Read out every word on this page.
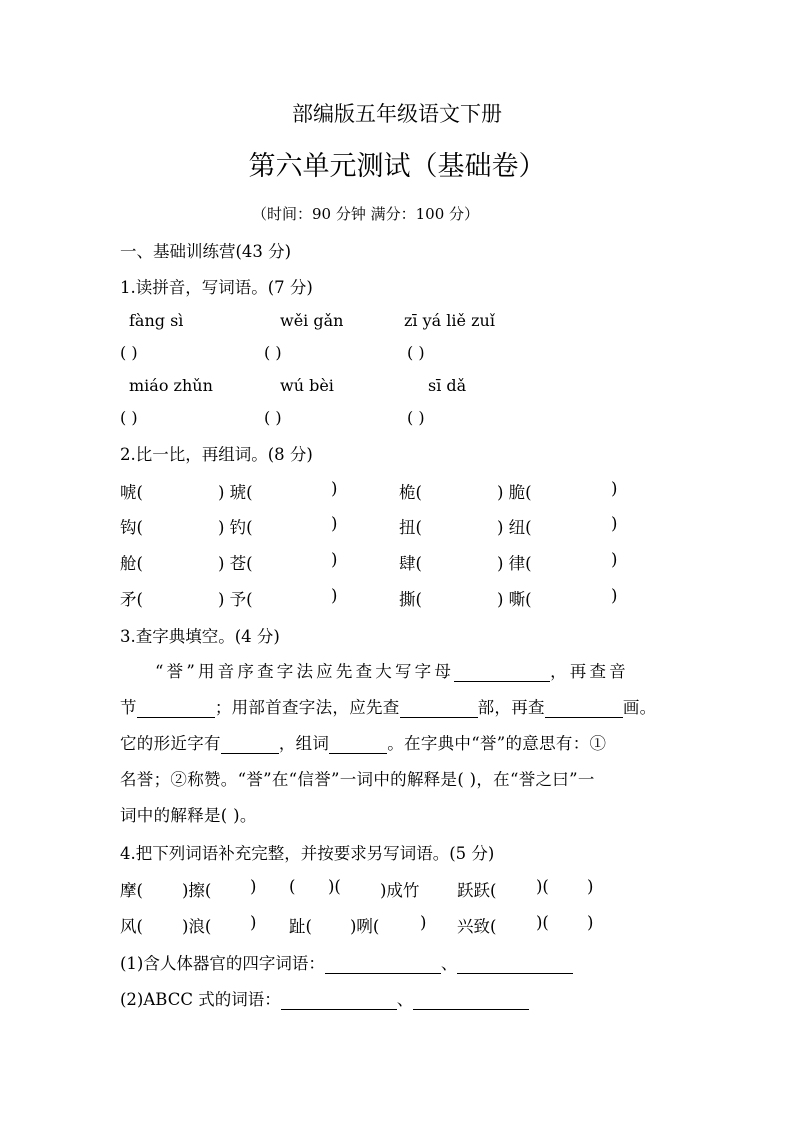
部编版五年级语文下册
第六单元测试（基础卷）
（时间：90 分钟 满分：100 分）
一、基础训练营(43 分)
1.读拼音，写词语。(7 分)
fàng sì	wěi gǎn	zī yá liě zuǐ
( )	( )	( )
miáo zhǔn	wú bèi	sī dǎ
( )	( )	( )
2.比一比，再组词。(8 分)
唬(	) 琥(	)	桅(	) 脆(	)
钩(	) 钓(	)	扭(	) 纽(	)
舱(	) 苍(	)	肆(	) 律(	)
矛(	) 予(	)	撕(	) 嘶(	)
3.查字典填空。(4 分)
“誉”用音序查字法应先查大写字母	，再查音
节	；用部首查字法，应先查	部，再查	画。
它的形近字有	，组词	。在字典中“誉”的意思有：①
名誉；②称赞。“誉”在“信誉”一词中的解释是( )，在“誉之曰”一
词中的解释是( )。
4.把下列词语补充完整，并按要求另写词语。(5 分)
摩( )擦( ) ( )( )成竹 跃跃( )( )
风( )浪( ) 趾( )咧( ) 兴致( )( )
(1)含人体器官的四字词语：	、
(2)ABCC 式的词语：	、
